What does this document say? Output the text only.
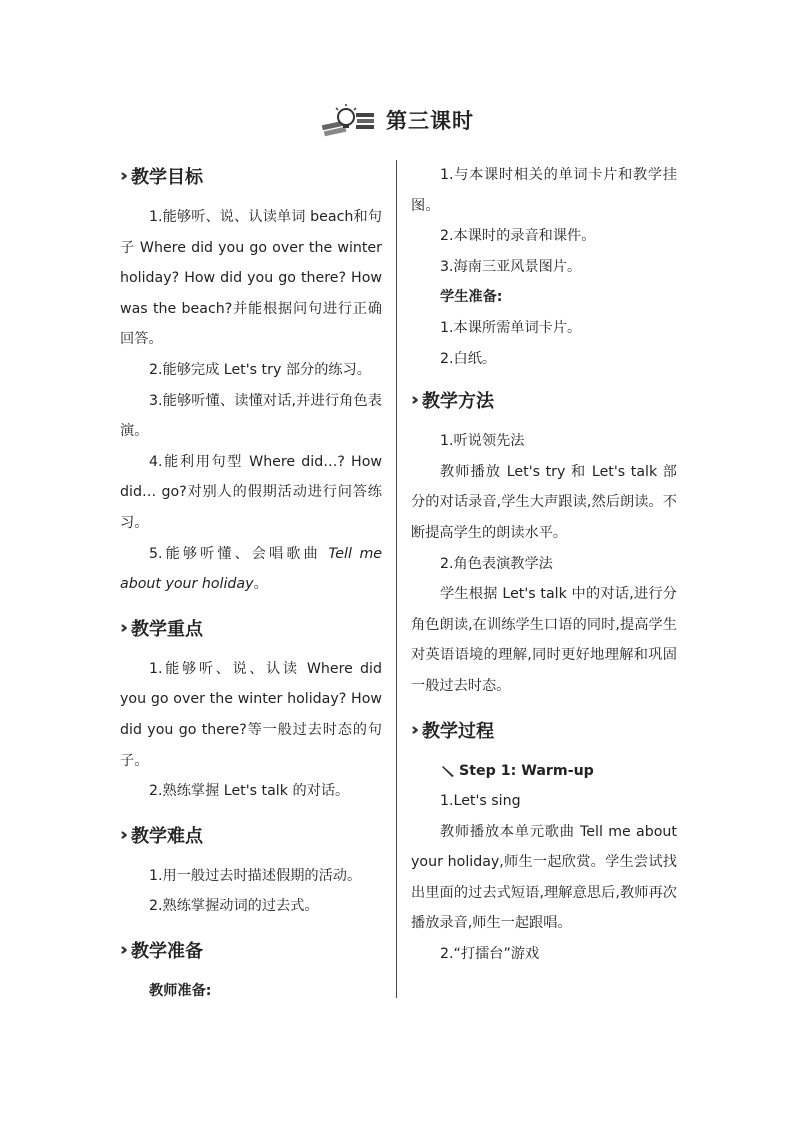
第三课时
›› 教学目标

1.能够听、说、认读单词 beach和句子 Where did you go over the winter holiday? How did you go there? How was the beach?并能根据问句进行正确回答。

2.能够完成 Let's try 部分的练习。

3.能够听懂、读懂对话,并进行角色表演。

4.能利用句型 Where did…? How did… go?对别人的假期活动进行问答练习。

5.能够听懂、会唱歌曲 Tell me about your holiday。

›› 教学重点

1.能够听、说、认读 Where did you go over the winter holiday? How did you go there?等一般过去时态的句子。

2.熟练掌握 Let's talk 的对话。

›› 教学难点

1.用一般过去时描述假期的活动。

2.熟练掌握动词的过去式。

›› 教学准备

教师准备:

1.与本课时相关的单词卡片和教学挂图。

2.本课时的录音和课件。

3.海南三亚风景图片。

学生准备:

1.本课所需单词卡片。

2.白纸。

›› 教学方法

1.听说领先法

教师播放 Let's try 和 Let's talk 部分的对话录音,学生大声跟读,然后朗读。不断提高学生的朗读水平。

2.角色表演教学法

学生根据 Let's talk 中的对话,进行分角色朗读,在训练学生口语的同时,提高学生对英语语境的理解,同时更好地理解和巩固一般过去时态。

›› 教学过程
Step 1: Warm-up

1.Let's sing

教师播放本单元歌曲 Tell me about your holiday,师生一起欣赏。学生尝试找出里面的过去式短语,理解意思后,教师再次播放录音,师生一起跟唱。

2.“打擂台”游戏
